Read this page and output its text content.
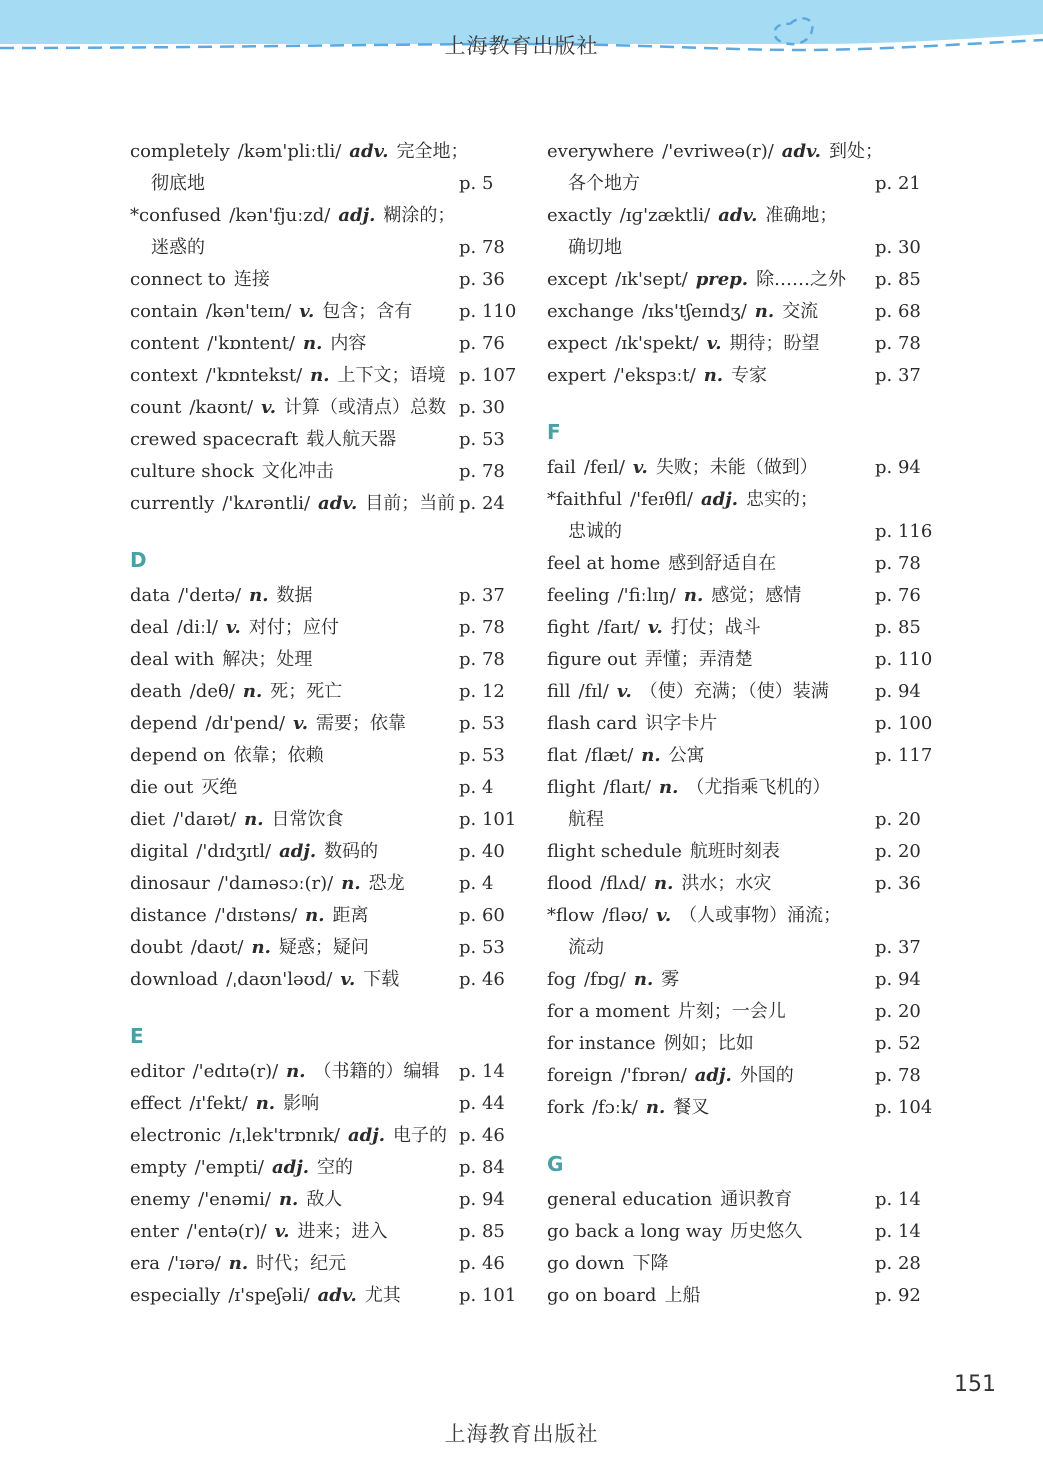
上海教育出版社
completely /kəm'pliːtli/ adv. 完全地；
彻底地	p. 5
*confused /kən'fjuːzd/ adj. 糊涂的；
迷惑的	p. 78
connect to 连接	p. 36
contain /kən'teɪn/ v. 包含；含有	p. 110
content /'kɒntent/ n. 内容	p. 76
context /'kɒntekst/ n. 上下文；语境 p. 107
count /kaʊnt/ v. 计算（或清点）总数 p. 30
crewed spacecraft 载人航天器	p. 53
culture shock 文化冲击	p. 78
currently /'kʌrəntli/ adv. 目前；当前 p. 24
D
data /'deɪtə/ n. 数据	p. 37
deal /diːl/ v. 对付；应付	p. 78
deal with 解决；处理	p. 78
death /deθ/ n. 死；死亡	p. 12
depend /dɪ'pend/ v. 需要；依靠	p. 53
depend on 依靠；依赖	p. 53
die out 灭绝	p. 4
diet /'daɪət/ n. 日常饮食	p. 101
digital /'dɪdʒɪtl/ adj. 数码的	p. 40
dinosaur /'daɪnəsɔː(r)/ n. 恐龙	p. 4
distance /'dɪstəns/ n. 距离	p. 60
doubt /daʊt/ n. 疑惑；疑问	p. 53
download /ˌdaʊn'ləʊd/ v. 下载	p. 46
E
editor /'edɪtə(r)/ n. （书籍的）编辑 p. 14
effect /ɪ'fekt/ n. 影响	p. 44
electronic /ɪˌlek'trɒnɪk/ adj. 电子的 p. 46
empty /'empti/ adj. 空的	p. 84
enemy /'enəmi/ n. 敌人	p. 94
enter /'entə(r)/ v. 进来；进入	p. 85
era /'ɪərə/ n. 时代；纪元	p. 46
especially /ɪ'speʃəli/ adv. 尤其	p. 101
everywhere /'evriweə(r)/ adv. 到处；
各个地方	p. 21
exactly /ɪɡ'zæktli/ adv. 准确地；
确切地	p. 30
except /ɪk'sept/ prep. 除……之外 p. 85
exchange /ɪks'tʃeɪndʒ/ n. 交流	p. 68
expect /ɪk'spekt/ v. 期待；盼望	p. 78
expert /'ekspɜːt/ n. 专家	p. 37
F
fail /feɪl/ v. 失败；未能（做到）	p. 94
*faithful /'feɪθfl/ adj. 忠实的；
忠诚的	p. 116
feel at home 感到舒适自在	p. 78
feeling /'fiːlɪŋ/ n. 感觉；感情	p. 76
fight /faɪt/ v. 打仗；战斗	p. 85
figure out 弄懂；弄清楚	p. 110
fill /fɪl/ v. （使）充满；（使）装满	p. 94
flash card 识字卡片	p. 100
flat /flæt/ n. 公寓	p. 117
flight /flaɪt/ n. （尤指乘飞机的）
航程	p. 20
flight schedule 航班时刻表	p. 20
flood /flʌd/ n. 洪水；水灾	p. 36
*flow /fləʊ/ v. （人或事物）涌流；
流动	p. 37
fog /fɒɡ/ n. 雾	p. 94
for a moment 片刻；一会儿	p. 20
for instance 例如；比如	p. 52
foreign /'fɒrən/ adj. 外国的	p. 78
fork /fɔːk/ n. 餐叉	p. 104
G
general education 通识教育	p. 14
go back a long way 历史悠久	p. 14
go down 下降	p. 28
go on board 上船	p. 92
151
上海教育出版社
